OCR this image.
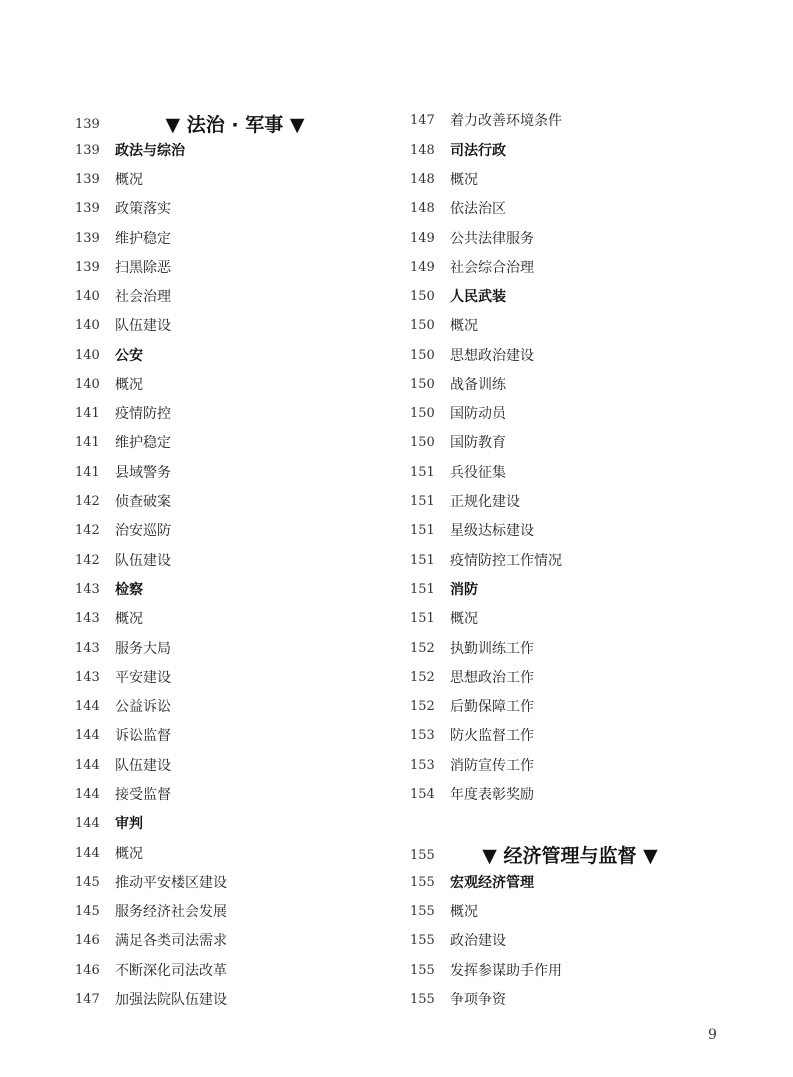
139	▼ 法治 · 军事 ▼
139 政法与综治
139 概况
139 政策落实
139 维护稳定
139 扫黑除恶
140 社会治理
140 队伍建设
140 公安
140 概况
141 疫情防控
141 维护稳定
141 县域警务
142 侦查破案
142 治安巡防
142 队伍建设
143 检察
143 概况
143 服务大局
143 平安建设
144 公益诉讼
144 诉讼监督
144 队伍建设
144 接受监督
144 审判
144 概况
145 推动平安楼区建设
145 服务经济社会发展
146 满足各类司法需求
146 不断深化司法改革
147 加强法院队伍建设
147 着力改善环境条件
148 司法行政
148 概况
148 依法治区
149 公共法律服务
149 社会综合治理
150 人民武装
150 概况
150 思想政治建设
150 战备训练
150 国防动员
150 国防教育
151 兵役征集
151 正规化建设
151 星级达标建设
151 疫情防控工作情况
151 消防
151 概况
152 执勤训练工作
152 思想政治工作
152 后勤保障工作
153 防火监督工作
153 消防宣传工作
154 年度表彰奖励
155 ▼ 经济管理与监督 ▼
155 宏观经济管理
155 概况
155 政治建设
155 发挥参谋助手作用
155 争项争资
9
